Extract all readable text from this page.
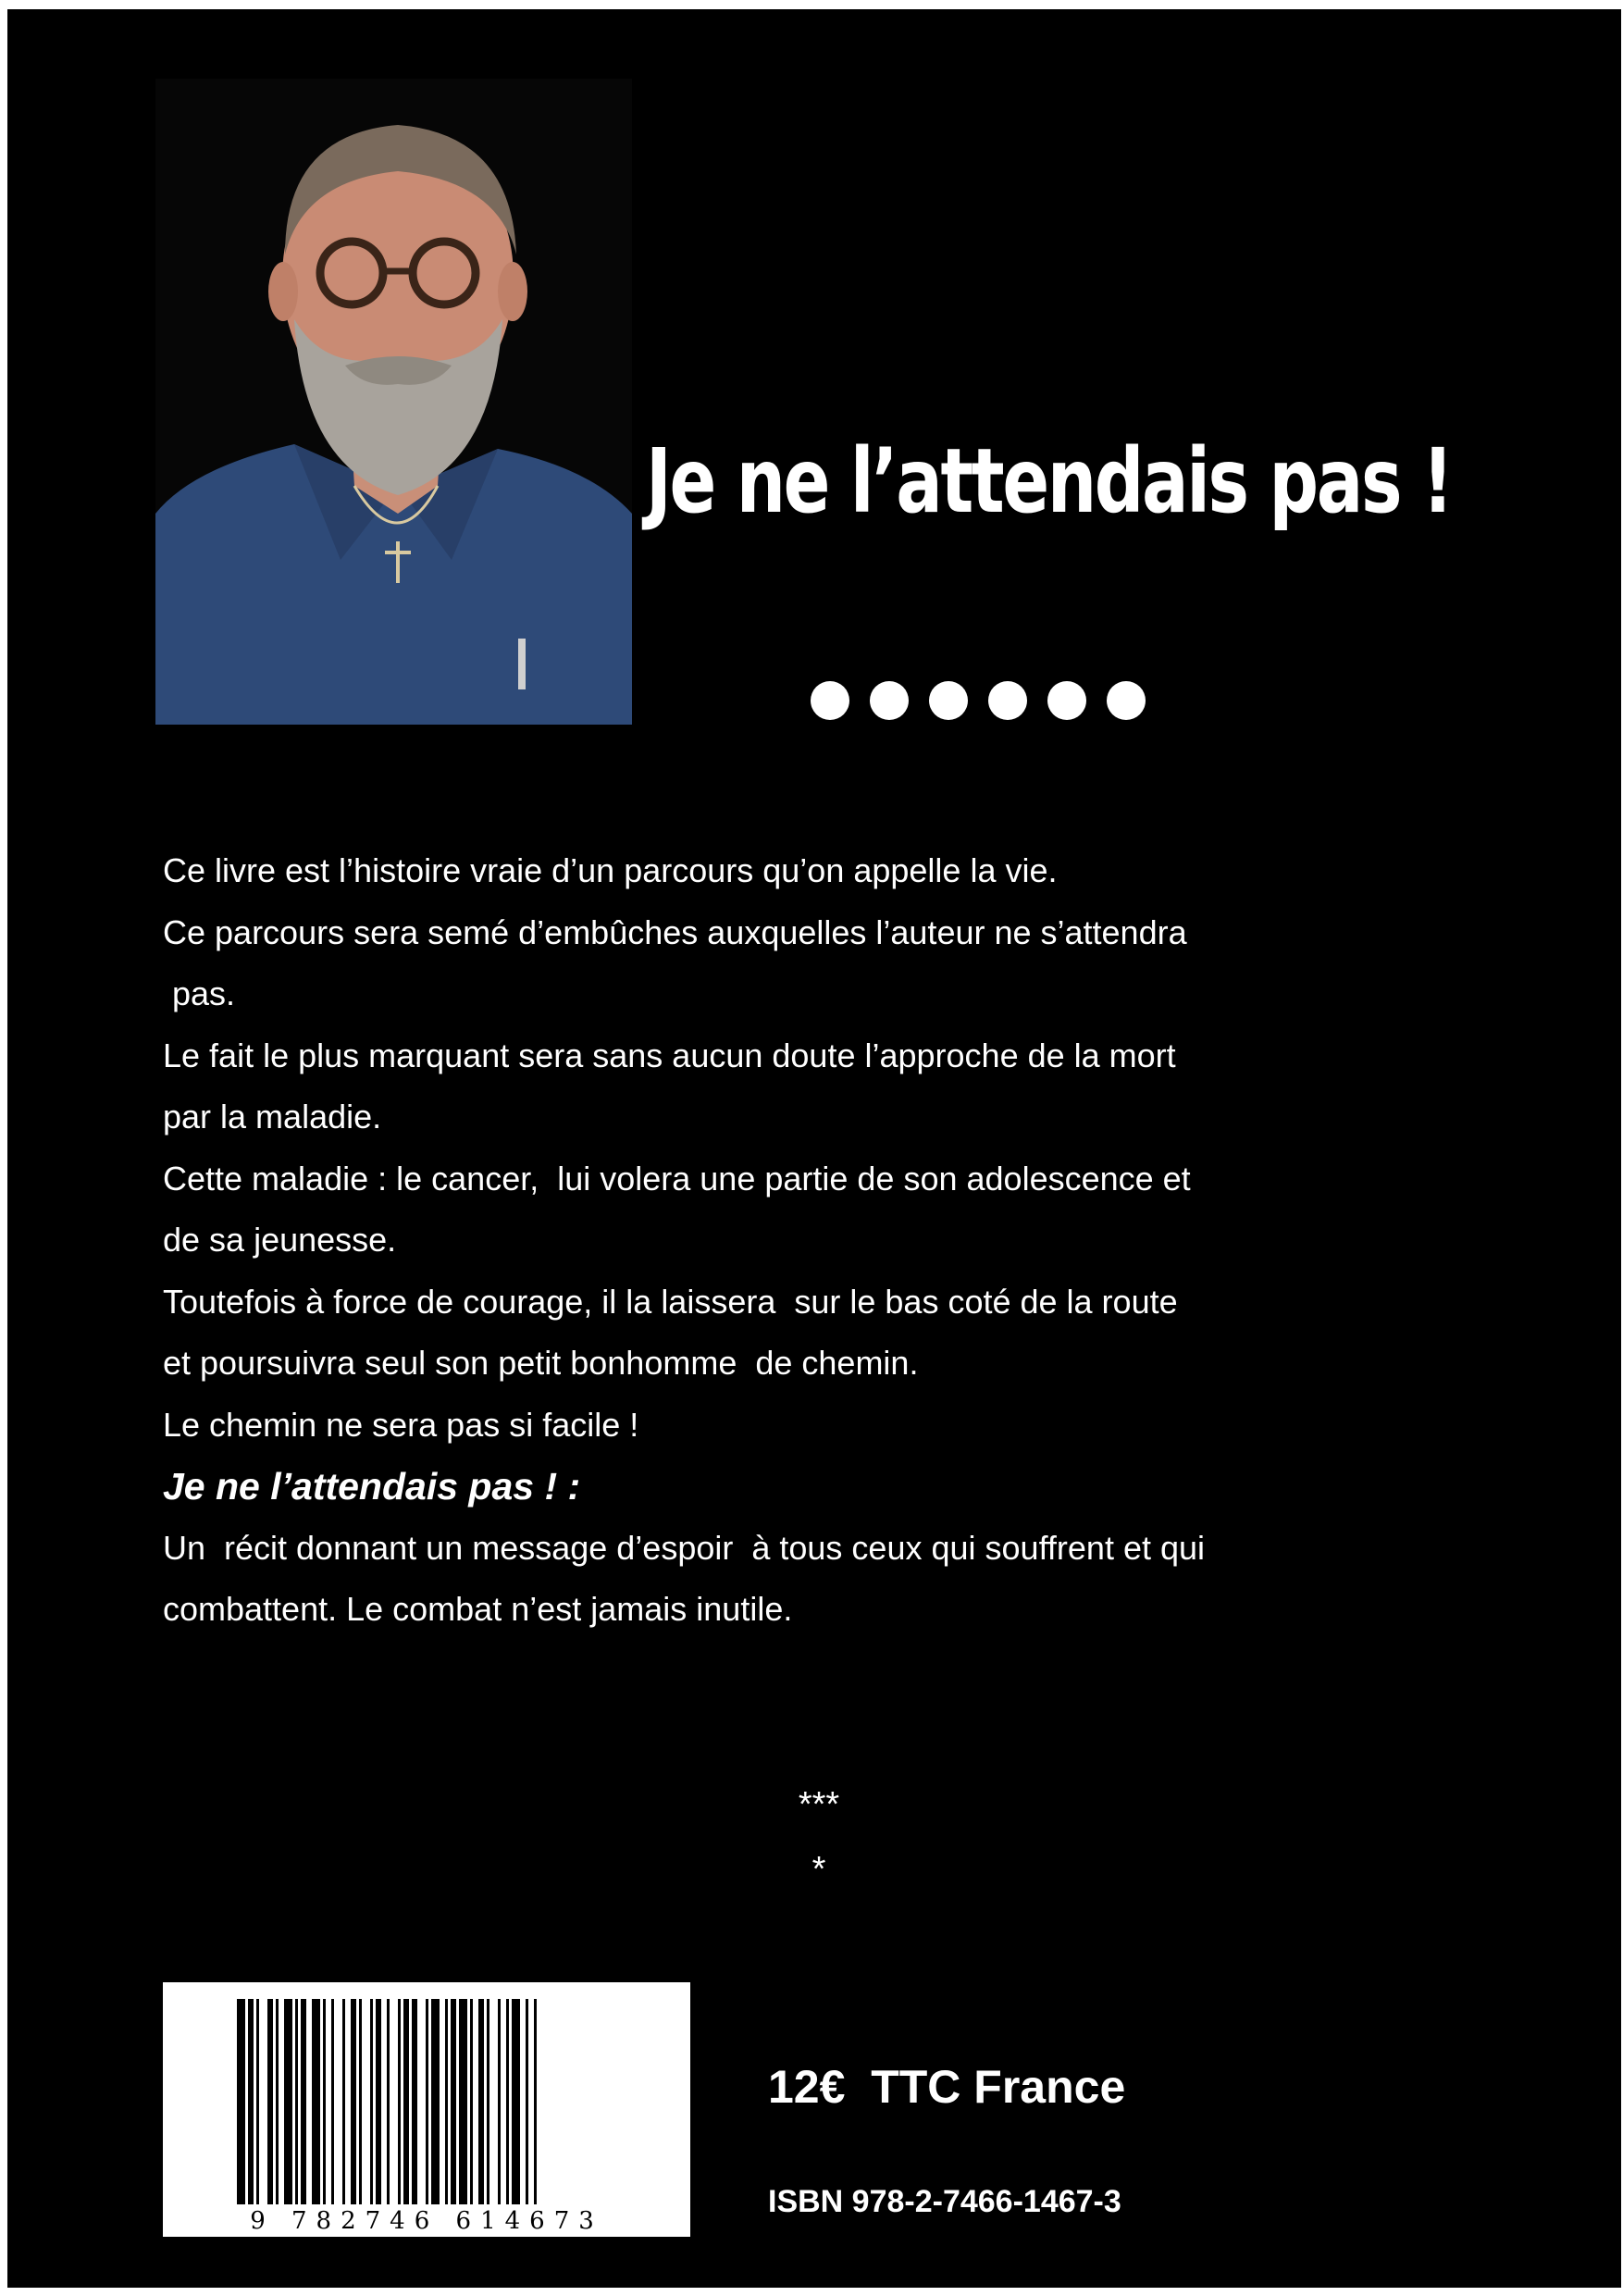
Je ne l’attendais pas !

Ce livre est l’histoire vraie d’un parcours qu’on appelle la vie.

Ce parcours sera semé d’embûches auxquelles l’auteur ne s’attendra

pas.

Le fait le plus marquant sera sans aucun doute l’approche de la mort

par la maladie.

Cette maladie : le cancer,  lui volera une partie de son adolescence et

de sa jeunesse.

Toutefois à force de courage, il la laissera  sur le bas coté de la route

et poursuivra seul son petit bonhomme  de chemin.

Le chemin ne sera pas si facile !

Je ne l’attendais pas ! :

Un  récit donnant un message d’espoir  à tous ceux qui souffrent et qui

combattent. Le combat n’est jamais inutile.

***
*
9 782746 614673
12€  TTC France
ISBN 978-2-7466-1467-3
